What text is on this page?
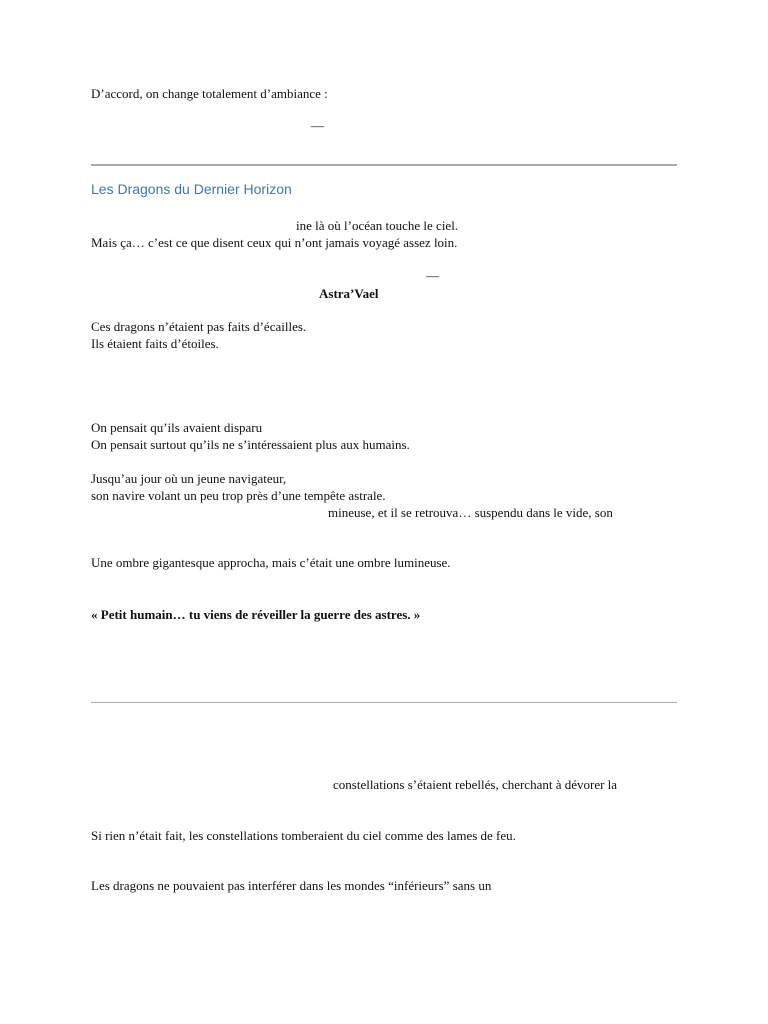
D’accord, on change totalement d’ambiance :
—
Les Dragons du Dernier Horizon
ine là où l’océan touche le ciel.
Mais ça… c’est ce que disent ceux qui n’ont jamais voyagé assez loin.
—
Astra’Vael
Ces dragons n’étaient pas faits d’écailles.
Ils étaient faits d’étoiles.
On pensait qu’ils avaient disparu
On pensait surtout qu’ils ne s’intéressaient plus aux humains.
Jusqu’au jour où un jeune navigateur,
son navire volant un peu trop près d’une tempête astrale.
mineuse, et il se retrouva… suspendu dans le vide, son
Une ombre gigantesque approcha, mais c’était une ombre lumineuse.
« Petit humain… tu viens de réveiller la guerre des astres. »
constellations s’étaient rebellés, cherchant à dévorer la
Si rien n’était fait, les constellations tomberaient du ciel comme des lames de feu.
Les dragons ne pouvaient pas interférer dans les mondes “inférieurs” sans un
